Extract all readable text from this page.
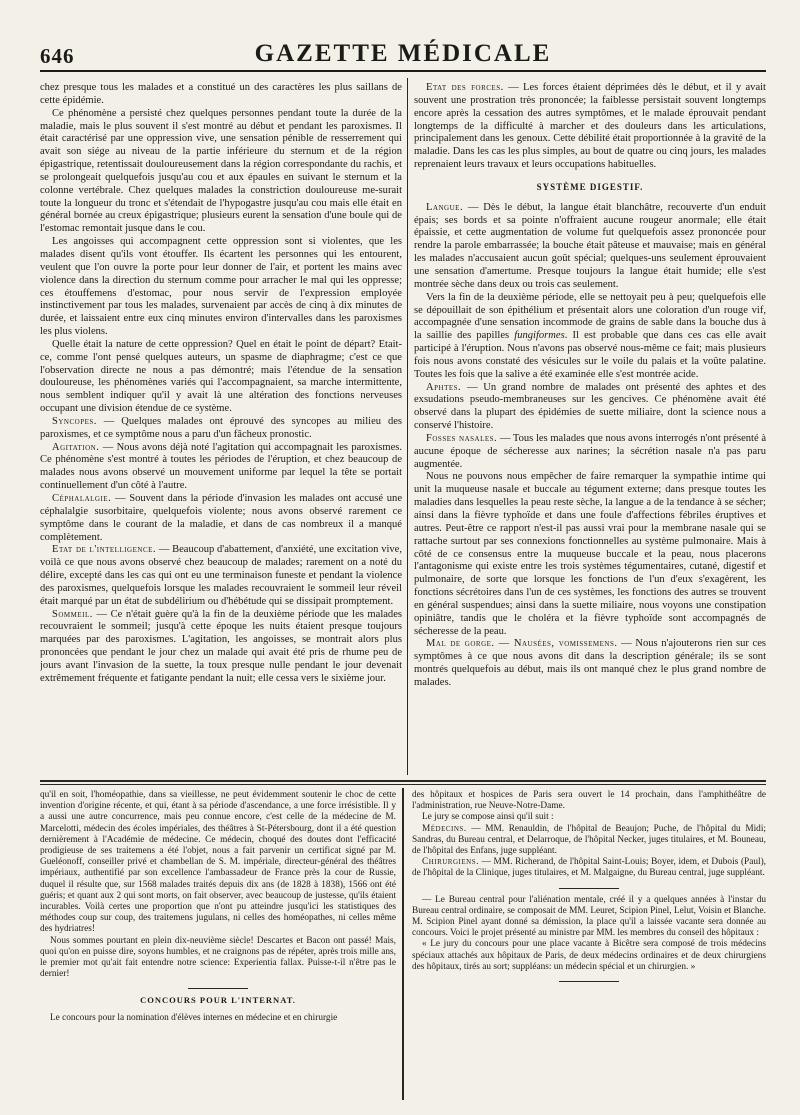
646	GAZETTE MÉDICALE

chez presque tous les malades et a constitué un des caractères les plus saillans de cette épidémie.

Ce phénomène a persisté chez quelques personnes pendant toute la durée de la maladie, mais le plus souvent il s'est montré au début et pendant les paroxismes. Il était caractérisé par une oppression vive, une sensation pénible de resserrement qui avait son siége au niveau de la partie inférieure du sternum et de la région épigastrique, retentissait douloureusement dans la région correspondante du rachis, et se prolongeait quelquefois jusqu'au cou et aux épaules en suivant le sternum et la colonne vertébrale. Chez quelques malades la constriction douloureuse me-surait toute la longueur du tronc et s'étendait de l'hypogastre jusqu'au cou mais elle était en général bornée au creux épigastrique; plusieurs eurent la sensation d'une boule qui de l'estomac remontait jusque dans le cou.

Les angoisses qui accompagnent cette oppression sont si violentes, que les malades disent qu'ils vont étouffer. Ils écartent les personnes qui les entourent, veulent que l'on ouvre la porte pour leur donner de l'air, et portent les mains avec violence dans la direction du sternum comme pour arracher le mal qui les oppresse; ces étouffemens d'estomac, pour nous servir de l'expression employée instinctivement par tous les malades, survenaient par accès de cinq à dix minutes de durée, et laissaient entre eux cinq minutes environ d'intervalles dans les paroxismes les plus violens.

Quelle était la nature de cette oppression? Quel en était le point de départ? Etait-ce, comme l'ont pensé quelques auteurs, un spasme de diaphragme; c'est ce que l'observation directe ne nous a pas démontré; mais l'étendue de la sensation douloureuse, les phénomènes variés qui l'accompagnaient, sa marche intermittente, nous semblent indiquer qu'il y avait là une altération des fonctions nerveuses occupant une division étendue de ce système.

Syncopes. — Quelques malades ont éprouvé des syncopes au milieu des paroxismes, et ce symptôme nous a paru d'un fâcheux pronostic.

Agitation. — Nous avons déjà noté l'agitation qui accompagnait les paroxismes. Ce phénomène s'est montré à toutes les périodes de l'éruption, et chez beaucoup de malades nous avons observé un mouvement uniforme par lequel la tête se portait continuellement d'un côté à l'autre.

Céphalalgie. — Souvent dans la période d'invasion les malades ont accusé une céphalalgie susorbitaire, quelquefois violente; nous avons observé rarement ce symptôme dans le courant de la maladie, et dans de cas nombreux il a manqué complètement.

Etat de l'intelligence. — Beaucoup d'abattement, d'anxiété, une excitation vive, voilà ce que nous avons observé chez beaucoup de malades; rarement on a noté du délire, excepté dans les cas qui ont eu une terminaison funeste et pendant la violence des paroxismes, quelquefois lorsque les malades recouvraient le sommeil leur réveil était marqué par un état de subdélirium ou d'hébétude qui se dissipait promptement.

Sommeil. — Ce n'était guère qu'à la fin de la deuxième période que les malades recouvraient le sommeil; jusqu'à cette époque les nuits étaient presque toujours marquées par des paroxismes. L'agitation, les angoisses, se montrait alors plus prononcées que pendant le jour chez un malade qui avait été pris de rhume peu de jours avant l'invasion de la suette, la toux presque nulle pendant le jour devenait extrêmement fréquente et fatigante pendant la nuit; elle cessa vers le sixième jour.

Etat des forces. — Les forces étaient déprimées dès le début, et il y avait souvent une prostration très prononcée; la faiblesse persistait souvent longtemps encore après la cessation des autres symptômes, et le malade éprouvait pendant longtemps de la difficulté à marcher et des douleurs dans les articulations, principalement dans les genoux. Cette débilité était proportionnée à la gravité de la maladie. Dans les cas les plus simples, au bout de quatre ou cinq jours, les malades reprenaient leurs travaux et leurs occupations habituelles.

SYSTÈME DIGESTIF.

Langue. — Dès le début, la langue était blanchâtre, recouverte d'un enduit épais; ses bords et sa pointe n'offraient aucune rougeur anormale; elle était épaissie, et cette augmentation de volume fut quelquefois assez prononcée pour rendre la parole embarrassée; la bouche était pâteuse et mauvaise; mais en général les malades n'accusaient aucun goût spécial; quelques-uns seulement éprouvaient une sensation d'amertume. Presque toujours la langue était humide; elle s'est montrée sèche dans deux ou trois cas seulement.

Vers la fin de la deuxième période, elle se nettoyait peu à peu; quelquefois elle se dépouillait de son épithélium et présentait alors une coloration d'un rouge vif, accompagnée d'une sensation incommode de grains de sable dans la bouche dus à la saillie des papilles fungiformes. Il est probable que dans ces cas elle avait participé à l'éruption. Nous n'avons pas observé nous-même ce fait; mais plusieurs fois nous avons constaté des vésicules sur le voile du palais et la voûte palatine. Toutes les fois que la salive a été examinée elle s'est montrée acide.

Aphtes. — Un grand nombre de malades ont présenté des aphtes et des exsudations pseudo-membraneuses sur les gencives. Ce phénomène avait été observé dans la plupart des épidémies de suette miliaire, dont la science nous a conservé l'histoire.

Fosses nasales. — Tous les malades que nous avons interrogés n'ont présenté à aucune époque de sécheresse aux narines; la sécrétion nasale n'a pas paru augmentée.

Nous ne pouvons nous empêcher de faire remarquer la sympathie intime qui unit la muqueuse nasale et buccale au tégument externe; dans presque toutes les maladies dans lesquelles la peau reste sèche, la langue a de la tendance à se sécher; ainsi dans la fièvre typhoïde et dans une foule d'affections fébriles éruptives et autres. Peut-être ce rapport n'est-il pas aussi vrai pour la membrane nasale qui se rattache surtout par ses connexions fonctionnelles au système pulmonaire. Mais à côté de ce consensus entre la muqueuse buccale et la peau, nous placerons l'antagonisme qui existe entre les trois systèmes tégumentaires, cutané, digestif et pulmonaire, de sorte que lorsque les fonctions de l'un d'eux s'exagèrent, les fonctions sécrétoires dans l'un de ces systèmes, les fonctions des autres se trouvent en général suspendues; ainsi dans la suette miliaire, nous voyons une constipation opiniâtre, tandis que le choléra et la fièvre typhoïde sont accompagnés de sécheresse de la peau.

Mal de gorge. — Nausées, vomissemens. — Nous n'ajouterons rien sur ces symptômes à ce que nous avons dit dans la description générale; ils se sont montrés quelquefois au début, mais ils ont manqué chez le plus grand nombre de malades.

qu'il en soit, l'homéopathie, dans sa vieillesse, ne peut évidemment soutenir le choc de cette invention d'origine récente, et qui, étant à sa période d'ascendance, a une force irrésistible. Il y a aussi une autre concurrence, mais peu connue encore, c'est celle de la médecine de M. Marcelotti, médecin des écoles impériales, des théâtres à St-Pétersbourg, dont il a été question dernièrement à l'Académie de médecine. Ce médecin, choqué des doutes dont l'efficacité prodigieuse de ses traitemens a été l'objet, nous a fait parvenir un certificat signé par M. Gueléonoff, conseiller privé et chambellan de S. M. impériale, directeur-général des théâtres impériaux, authentifié par son excellence l'ambassadeur de France près la cour de Russie, duquel il résulte que, sur 1568 malades traités depuis dix ans (de 1828 à 1838), 1566 ont été guéris; et quant aux 2 qui sont morts, on fait observer, avec beaucoup de justesse, qu'ils étaient incurables. Voilà certes une proportion que n'ont pu atteindre jusqu'ici les statistiques des méthodes coup sur coup, des traitemens jugulans, ni celles des homéopathes, ni celles même des hydriatres!

Nous sommes pourtant en plein dix-neuvième siècle! Descartes et Bacon ont passé! Mais, quoi qu'on en puisse dire, soyons humbles, et ne craignons pas de répéter, après trois mille ans, le premier mot qu'ait fait entendre notre science: Experientia fallax. Puisse-t-il n'être pas le dernier!

CONCOURS POUR L'INTERNAT.

Le concours pour la nomination d'élèves internes en médecine et en chirurgie

des hôpitaux et hospices de Paris sera ouvert le 14 prochain, dans l'amphithéâtre de l'administration, rue Neuve-Notre-Dame.

Le jury se compose ainsi qu'il suit :

Médecins. — MM. Renauldin, de l'hôpital de Beaujon; Puche, de l'hôpital du Midi; Sandras, du Bureau central, et Delarroque, de l'hôpital Necker, juges titulaires, et M. Bouneau, de l'hôpital des Enfans, juge suppléant.

Chirurgiens. — MM. Richerand, de l'hôpital Saint-Louis; Boyer, idem, et Dubois (Paul), de l'hôpital de la Clinique, juges titulaires, et M. Malgaigne, du Bureau central, juge suppléant.

— Le Bureau central pour l'aliénation mentale, créé il y a quelques années à l'instar du Bureau central ordinaire, se composait de MM. Leuret, Scipion Pinel, Lelut, Voisin et Blanche. M. Scipion Pinel ayant donné sa démission, la place qu'il a laissée vacante sera donnée au concours. Voici le projet présenté au ministre par MM. les membres du conseil des hôpitaux :

« Le jury du concours pour une place vacante à Bicêtre sera composé de trois médecins spéciaux attachés aux hôpitaux de Paris, de deux médecins ordinaires et de deux chirurgiens des hôpitaux, tirés au sort; suppléans: un médecin spécial et un chirurgien. »
